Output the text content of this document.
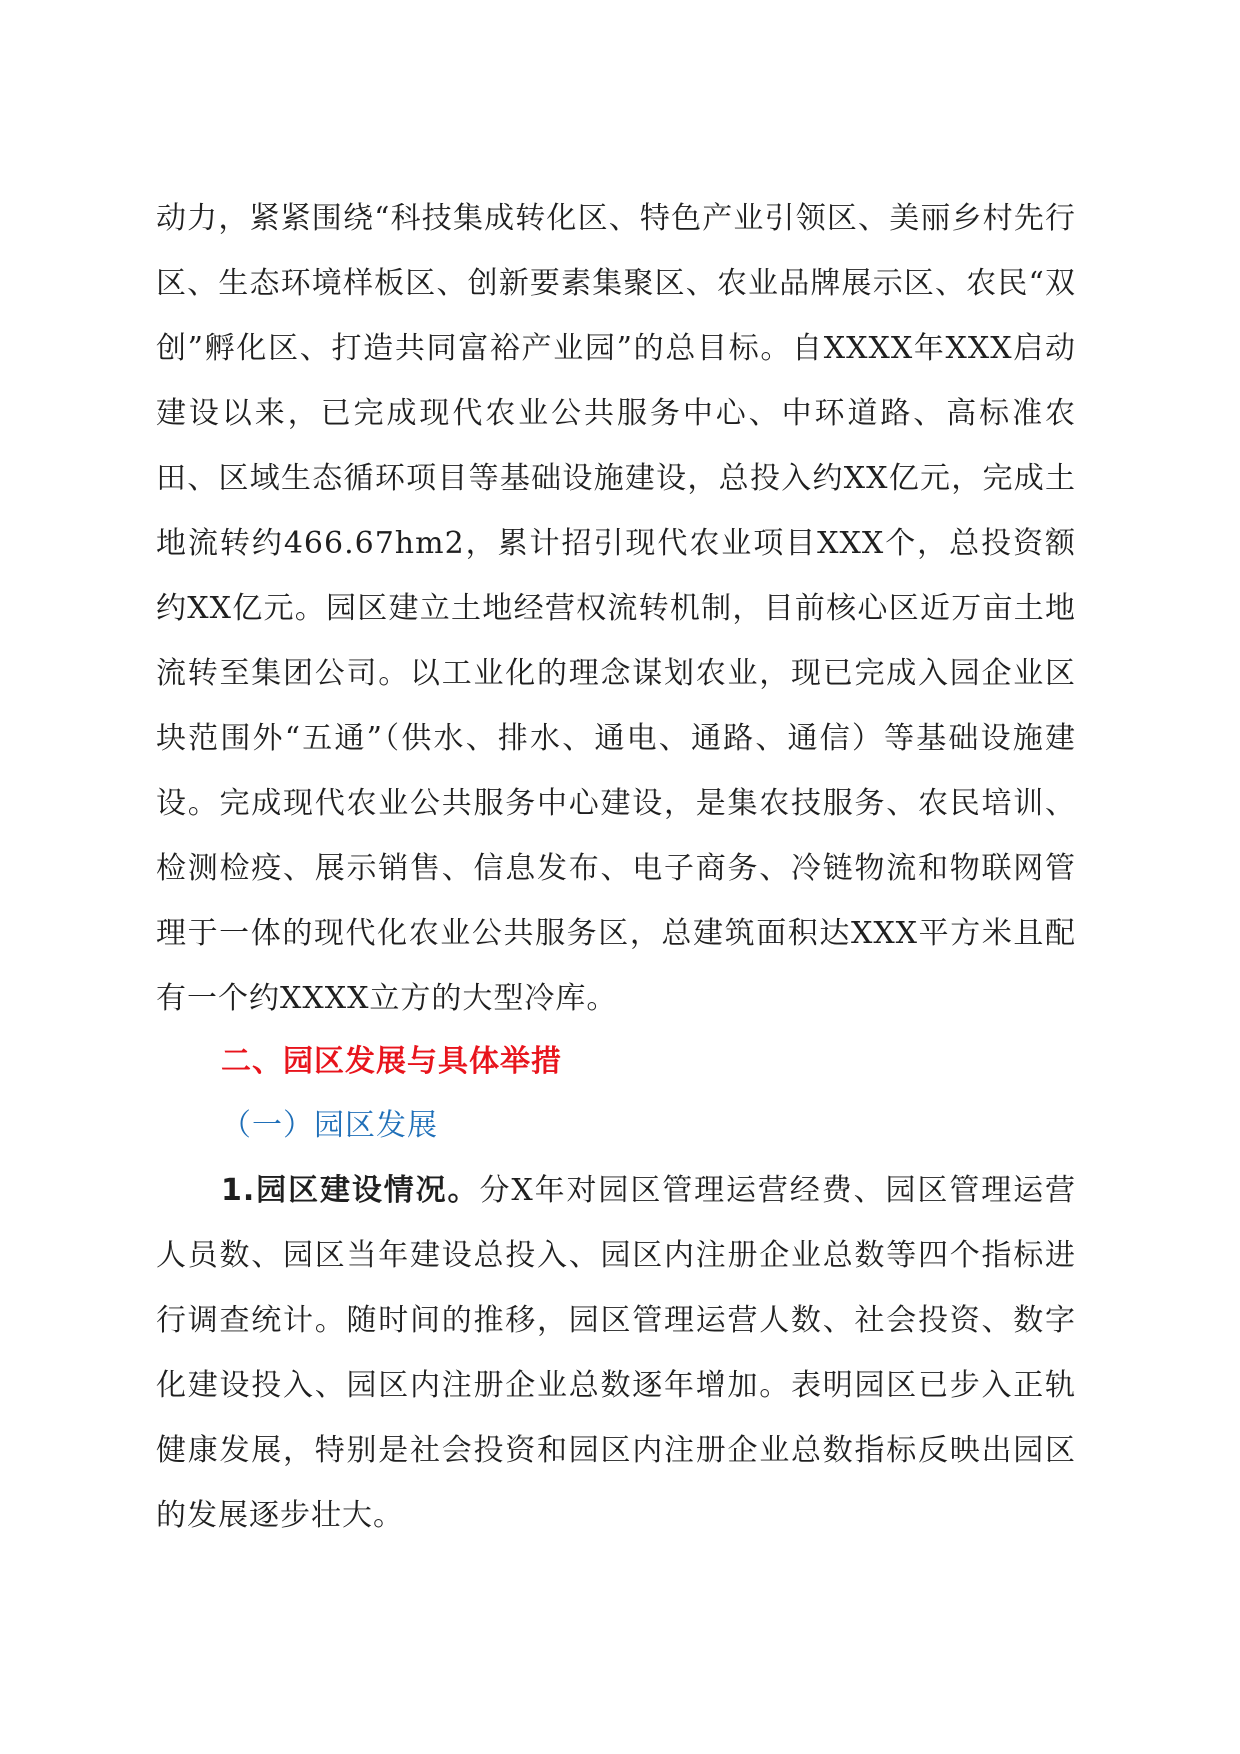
动力，紧紧围绕“科技集成转化区、特色产业引领区、美丽乡村先行区、生态环境样板区、创新要素集聚区、农业品牌展示区、农民“双创”孵化区、打造共同富裕产业园”的总目标。自XXXX年XXX启动建设以来，已完成现代农业公共服务中心、中环道路、高标准农田、区域生态循环项目等基础设施建设，总投入约XX亿元，完成土地流转约466.67hm2，累计招引现代农业项目XXX个，总投资额约XX亿元。园区建立土地经营权流转机制，目前核心区近万亩土地流转至集团公司。以工业化的理念谋划农业，现已完成入园企业区块范围外“五通”（供水、排水、通电、通路、通信）等基础设施建设。完成现代农业公共服务中心建设，是集农技服务、农民培训、检测检疫、展示销售、信息发布、电子商务、冷链物流和物联网管理于一体的现代化农业公共服务区，总建筑面积达XXX平方米且配有一个约XXXX立方的大型冷库。

二、园区发展与具体举措
（一）园区发展

1.园区建设情况。分X年对园区管理运营经费、园区管理运营人员数、园区当年建设总投入、园区内注册企业总数等四个指标进行调查统计。随时间的推移，园区管理运营人数、社会投资、数字化建设投入、园区内注册企业总数逐年增加。表明园区已步入正轨健康发展，特别是社会投资和园区内注册企业总数指标反映出园区的发展逐步壮大。
